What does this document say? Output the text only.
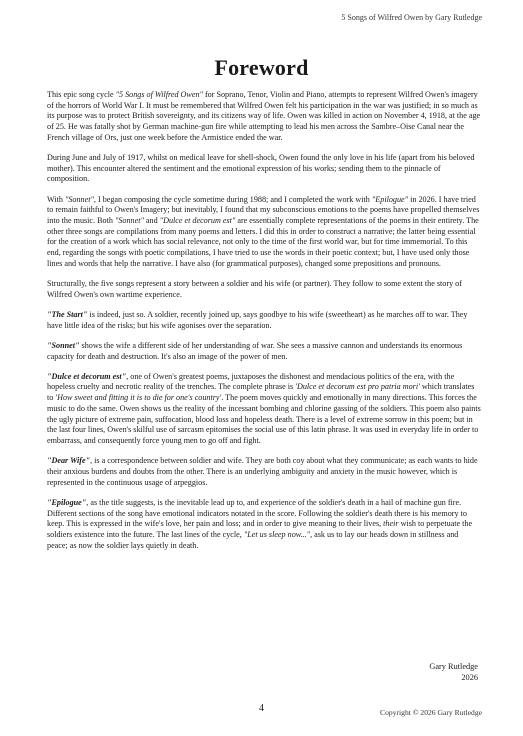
5 Songs of Wilfred Owen by Gary Rutledge
Foreword

This epic song cycle "5 Songs of Wilfred Owen" for Soprano, Tenor, Violin and Piano, attempts to represent Wilfred Owen's imagery of the horrors of World War I. It must be remembered that Wilfred Owen felt his participation in the war was justified; in so much as its purpose was to protect British sovereignty, and its citizens way of life. Owen was killed in action on November 4, 1918, at the age of 25. He was fatally shot by German machine-gun fire while attempting to lead his men across the Sambre–Oise Canal near the French village of Ors, just one week before the Armistice ended the war.

During June and July of 1917, whilst on medical leave for shell-shock, Owen found the only love in his life (apart from his beloved mother). This encounter altered the sentiment and the emotional expression of his works; sending them to the pinnacle of composition.

With "Sonnet", I began composing the cycle sometime during 1988; and I completed the work with "Epilogue" in 2026. I have tried to remain faithful to Owen's Imagery; but inevitably, I found that my subconscious emotions to the poems have propelled themselves into the music. Both "Sonnet" and "Dulce et decorum est" are essentially complete representations of the poems in their entirety. The other three songs are compilations from many poems and letters. I did this in order to construct a narrative; the latter being essential for the creation of a work which has social relevance, not only to the time of the first world war, but for time immemorial. To this end, regarding the songs with poetic compilations, I have tried to use the words in their poetic context; but, I have used only those lines and words that help the narrative. I have also (for grammatical purposes), changed some prepositions and pronouns.

Structurally, the five songs represent a story between a soldier and his wife (or partner). They follow to some extent the story of Wilfred Owen's own wartime experience.

"The Start" is indeed, just so. A soldier, recently joined up, says goodbye to his wife (sweetheart) as he marches off to war. They have little idea of the risks; but his wife agonises over the separation.

"Sonnet" shows the wife a different side of her understanding of war. She sees a massive cannon and understands its enormous capacity for death and destruction. It's also an image of the power of men.

"Dulce et decorum est", one of Owen's greatest poems, juxtaposes the dishonest and mendacious politics of the era, with the hopeless cruelty and necrotic reality of the trenches. The complete phrase is 'Dulce et decorum est pro patria mori' which translates to 'How sweet and fitting it is to die for one's country'. The poem moves quickly and emotionally in many directions. This forces the music to do the same. Owen shows us the reality of the incessant bombing and chlorine gassing of the soldiers. This poem also paints the ugly picture of extreme pain, suffocation, blood loss and hopeless death. There is a level of extreme sorrow in this poem; but in the last four lines, Owen's skilful use of sarcasm epitomises the social use of this latin phrase. It was used in everyday life in order to embarrass, and consequently force young men to go off and fight.

"Dear Wife", is a correspondence between soldier and wife. They are both coy about what they communicate; as each wants to hide their anxious burdens and doubts from the other. There is an underlying ambiguity and anxiety in the music however, which is represented in the continuous usage of arpeggios.

"Epilogue", as the title suggests, is the inevitable lead up to, and experience of the soldier's death in a hail of machine gun fire. Different sections of the song have emotional indicators notated in the score. Following the soldier's death there is his memory to keep. This is expressed in the wife's love, her pain and loss; and in order to give meaning to their lives, their wish to perpetuate the soldiers existence into the future. The last lines of the cycle, "Let us sleep now...", ask us to lay our heads down in stillness and peace; as now the soldier lays quietly in death.

Gary Rutledge
2026
4	Copyright © 2026 Gary Rutledge
